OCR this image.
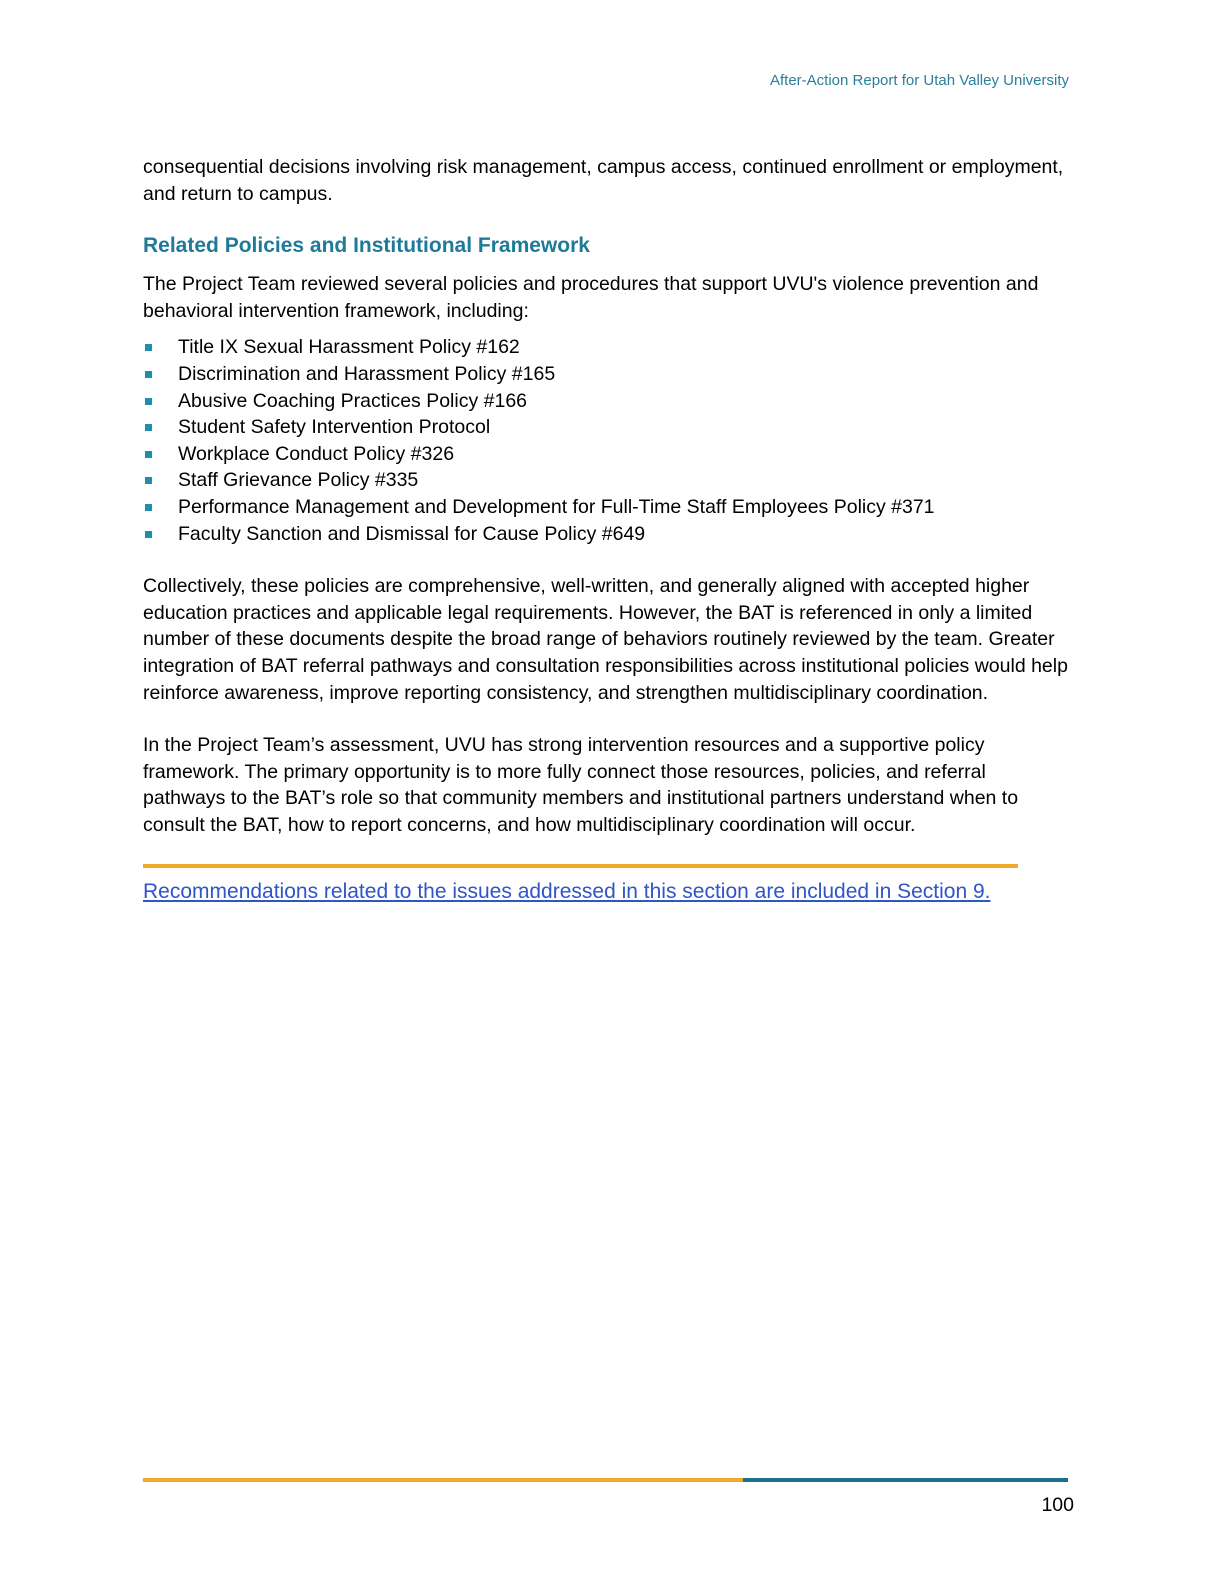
After-Action Report for Utah Valley University

consequential decisions involving risk management, campus access, continued enrollment or employment, and return to campus.

Related Policies and Institutional Framework

The Project Team reviewed several policies and procedures that support UVU's violence prevention and behavioral intervention framework, including:

Title IX Sexual Harassment Policy #162
Discrimination and Harassment Policy #165
Abusive Coaching Practices Policy #166
Student Safety Intervention Protocol
Workplace Conduct Policy #326
Staff Grievance Policy #335
Performance Management and Development for Full-Time Staff Employees Policy #371
Faculty Sanction and Dismissal for Cause Policy #649

Collectively, these policies are comprehensive, well-written, and generally aligned with accepted higher education practices and applicable legal requirements. However, the BAT is referenced in only a limited number of these documents despite the broad range of behaviors routinely reviewed by the team. Greater integration of BAT referral pathways and consultation responsibilities across institutional policies would help reinforce awareness, improve reporting consistency, and strengthen multidisciplinary coordination.

In the Project Team’s assessment, UVU has strong intervention resources and a supportive policy framework. The primary opportunity is to more fully connect those resources, policies, and referral pathways to the BAT’s role so that community members and institutional partners understand when to consult the BAT, how to report concerns, and how multidisciplinary coordination will occur.

Recommendations related to the issues addressed in this section are included in Section 9.
100
